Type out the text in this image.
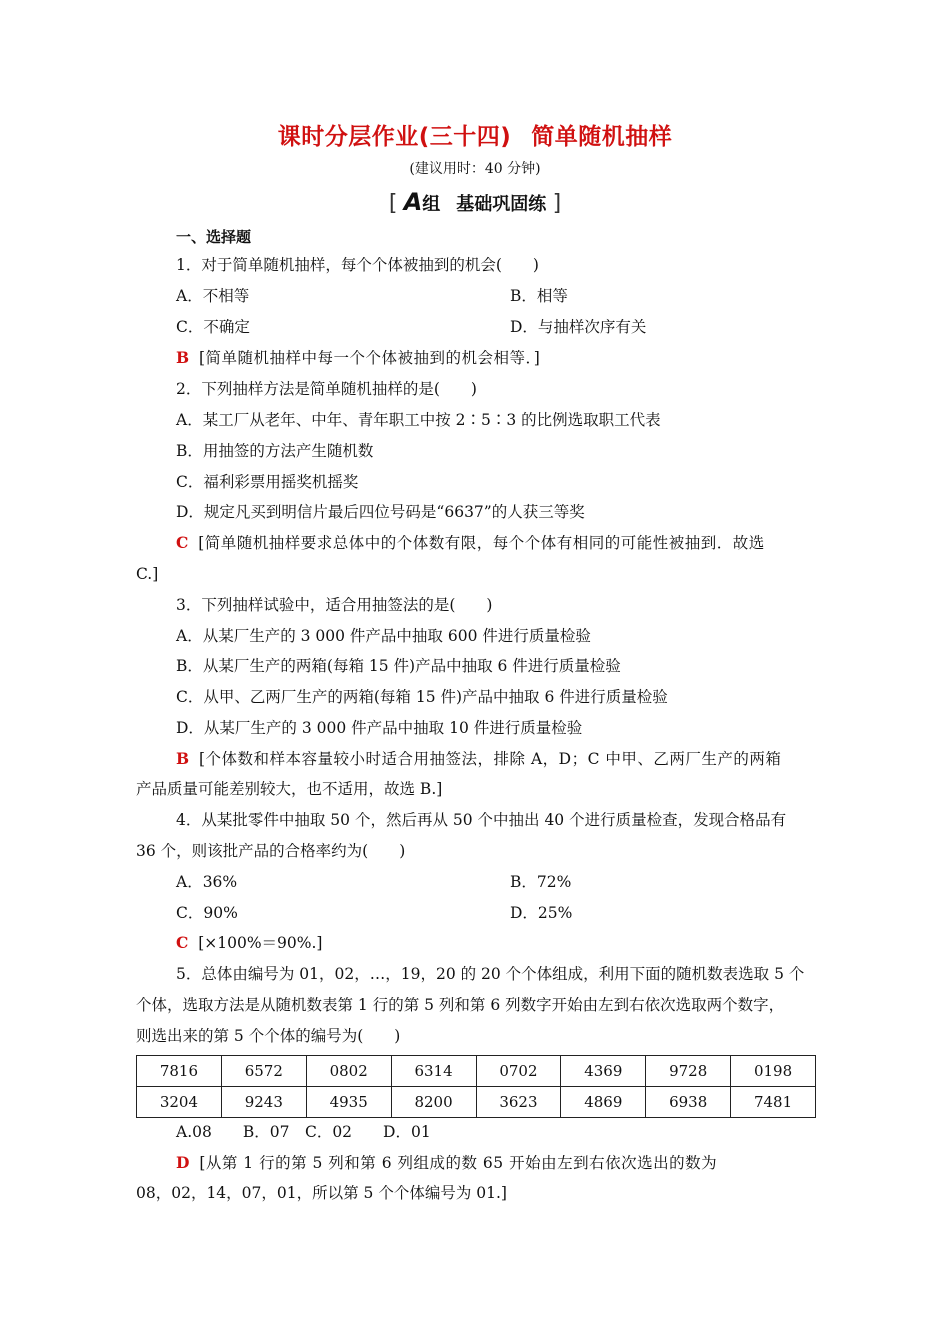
课时分层作业(三十四) 简单随机抽样
(建议用时：40 分钟)
[ A组 基础巩固练 ]
一、选择题
1．对于简单随机抽样，每个个体被抽到的机会(　　)
A．不相等	B．相等
C．不确定	D．与抽样次序有关
B [简单随机抽样中每一个个体被抽到的机会相等．]
2．下列抽样方法是简单随机抽样的是(　　)
A．某工厂从老年、中年、青年职工中按 2∶5∶3 的比例选取职工代表
B．用抽签的方法产生随机数
C．福利彩票用摇奖机摇奖
D．规定凡买到明信片最后四位号码是“6637”的人获三等奖
C [简单随机抽样要求总体中的个体数有限，每个个体有相同的可能性被抽到．故选
C.]
3．下列抽样试验中，适合用抽签法的是(　　)
A．从某厂生产的 3 000 件产品中抽取 600 件进行质量检验
B．从某厂生产的两箱(每箱 15 件)产品中抽取 6 件进行质量检验
C．从甲、乙两厂生产的两箱(每箱 15 件)产品中抽取 6 件进行质量检验
D．从某厂生产的 3 000 件产品中抽取 10 件进行质量检验
B [个体数和样本容量较小时适合用抽签法，排除 A，D；C 中甲、乙两厂生产的两箱
产品质量可能差别较大，也不适用，故选 B.]
4．从某批零件中抽取 50 个，然后再从 50 个中抽出 40 个进行质量检查，发现合格品有
36 个，则该批产品的合格率约为(　　)
A．36%	B．72%
C．90%	D．25%
C [×100%＝90%.]
5．总体由编号为 01，02，…，19，20 的 20 个个体组成，利用下面的随机数表选取 5 个
个体，选取方法是从随机数表第 1 行的第 5 列和第 6 列数字开始由左到右依次选取两个数字，
则选出来的第 5 个个体的编号为(　　)
7816	6572	0802	6314	0702	4369	9728	0198
3204	9243	4935	8200	3623	4869	6938	7481
A.08　　B．07　C．02　　D．01
D [从第 1 行的第 5 列和第 6 列组成的数 65 开始由左到右依次选出的数为
08，02，14，07，01，所以第 5 个个体编号为 01.]
